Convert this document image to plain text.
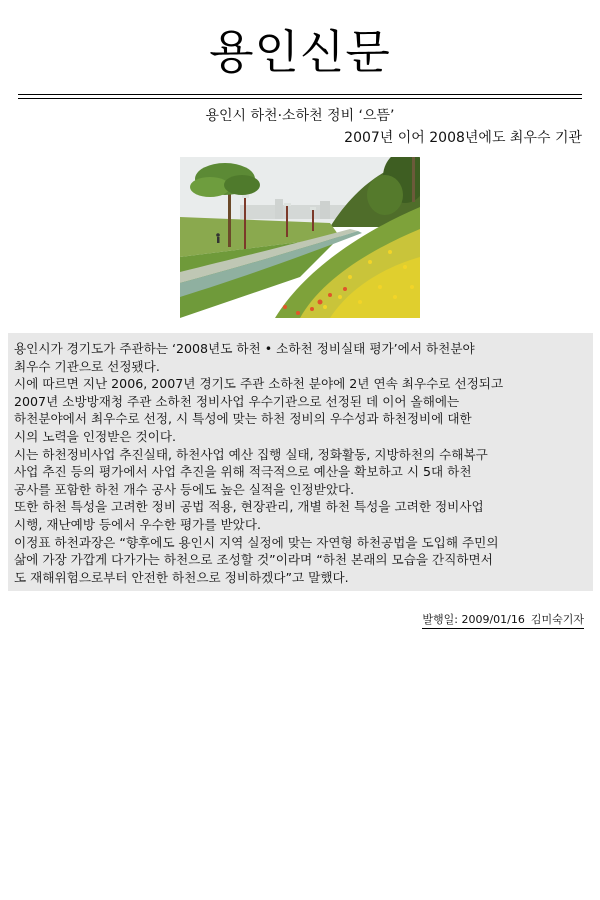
용인신문
용인시 하천·소하천 정비 ‘으뜸’
2007년 이어 2008년에도 최우수 기관

용인시가 경기도가 주관하는 ‘2008년도 하천 • 소하천 정비실태 평가’에서 하천분야

최우수 기관으로 선정됐다.

시에 따르면 지난 2006, 2007년 경기도 주관 소하천 분야에 2년 연속 최우수로 선정되고

2007년 소방방재청 주관 소하천 정비사업 우수기관으로 선정된 데 이어 올해에는

하천분야에서 최우수로 선정, 시 특성에 맞는 하천 정비의 우수성과 하천정비에 대한

시의 노력을 인정받은 것이다.

시는 하천정비사업 추진실태, 하천사업 예산 집행 실태, 정화활동, 지방하천의 수해복구

사업 추진 등의 평가에서 사업 추진을 위해 적극적으로 예산을 확보하고 시 5대 하천

공사를 포함한 하천 개수 공사 등에도 높은 실적을 인정받았다.

또한 하천 특성을 고려한 정비 공법 적용, 현장관리, 개별 하천 특성을 고려한 정비사업

시행, 재난예방 등에서 우수한 평가를 받았다.

이정표 하천과장은 “향후에도 용인시 지역 실정에 맞는 자연형 하천공법을 도입해 주민의

삶에 가장 가깝게 다가가는 하천으로 조성할 것”이라며 “하천 본래의 모습을 간직하면서

도 재해위험으로부터 안전한 하천으로 정비하겠다”고 말했다.

발행일: 2009/01/16 김미숙기자
